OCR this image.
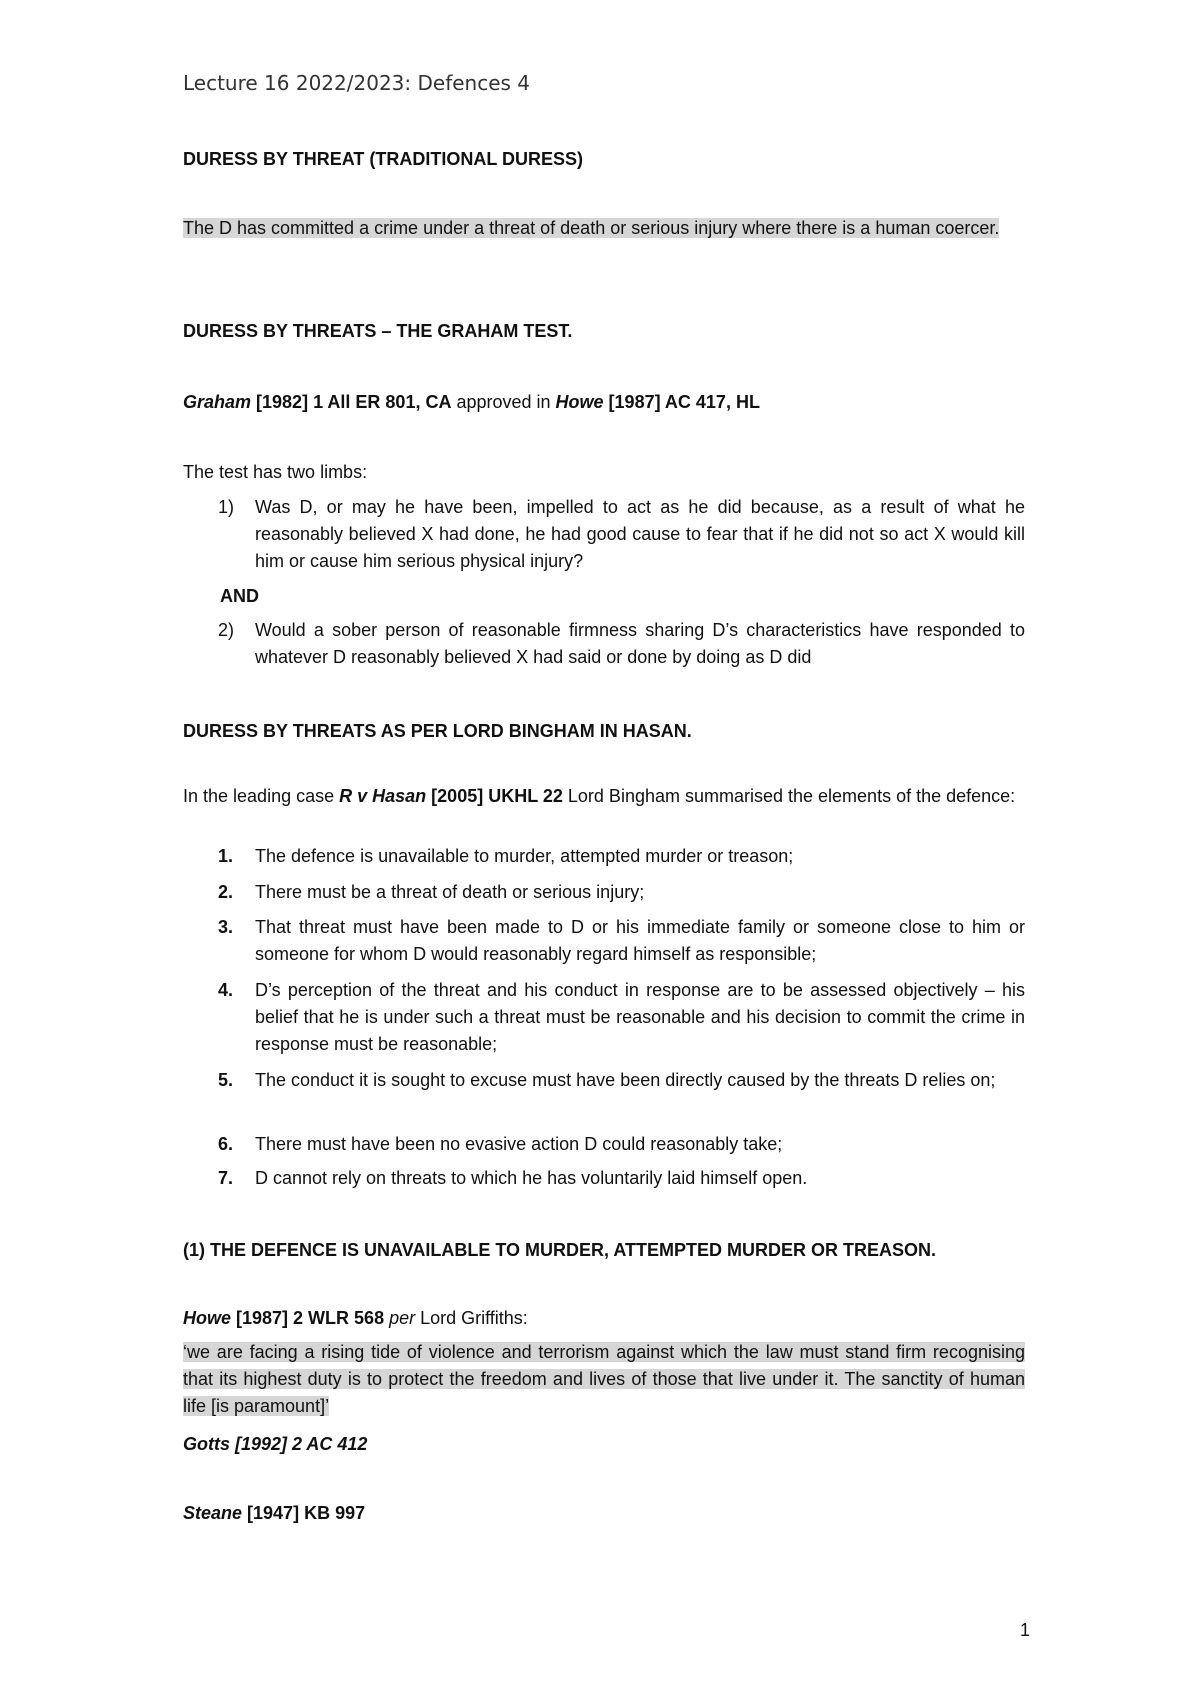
Lecture 16 2022/2023: Defences 4
DURESS BY THREAT (TRADITIONAL DURESS)
The D has committed a crime under a threat of death or serious injury where there is a human coercer.
DURESS BY THREATS – THE GRAHAM TEST.
Graham [1982] 1 All ER 801, CA approved in Howe [1987] AC 417, HL
The test has two limbs:
1) Was D, or may he have been, impelled to act as he did because, as a result of what he reasonably believed X had done, he had good cause to fear that if he did not so act X would kill him or cause him serious physical injury?
AND
2) Would a sober person of reasonable firmness sharing D’s characteristics have responded to whatever D reasonably believed X had said or done by doing as D did
DURESS BY THREATS AS PER LORD BINGHAM IN HASAN.
In the leading case R v Hasan [2005] UKHL 22 Lord Bingham summarised the elements of the defence:
1. The defence is unavailable to murder, attempted murder or treason;
2. There must be a threat of death or serious injury;
3. That threat must have been made to D or his immediate family or someone close to him or someone for whom D would reasonably regard himself as responsible;
4. D’s perception of the threat and his conduct in response are to be assessed objectively – his belief that he is under such a threat must be reasonable and his decision to commit the crime in response must be reasonable;
5. The conduct it is sought to excuse must have been directly caused by the threats D relies on;
6. There must have been no evasive action D could reasonably take;
7. D cannot rely on threats to which he has voluntarily laid himself open.
(1) THE DEFENCE IS UNAVAILABLE TO MURDER, ATTEMPTED MURDER OR TREASON.
Howe [1987] 2 WLR 568 per Lord Griffiths:
‘we are facing a rising tide of violence and terrorism against which the law must stand firm recognising that its highest duty is to protect the freedom and lives of those that live under it. The sanctity of human life [is paramount]’
Gotts [1992] 2 AC 412
Steane [1947] KB 997
1
